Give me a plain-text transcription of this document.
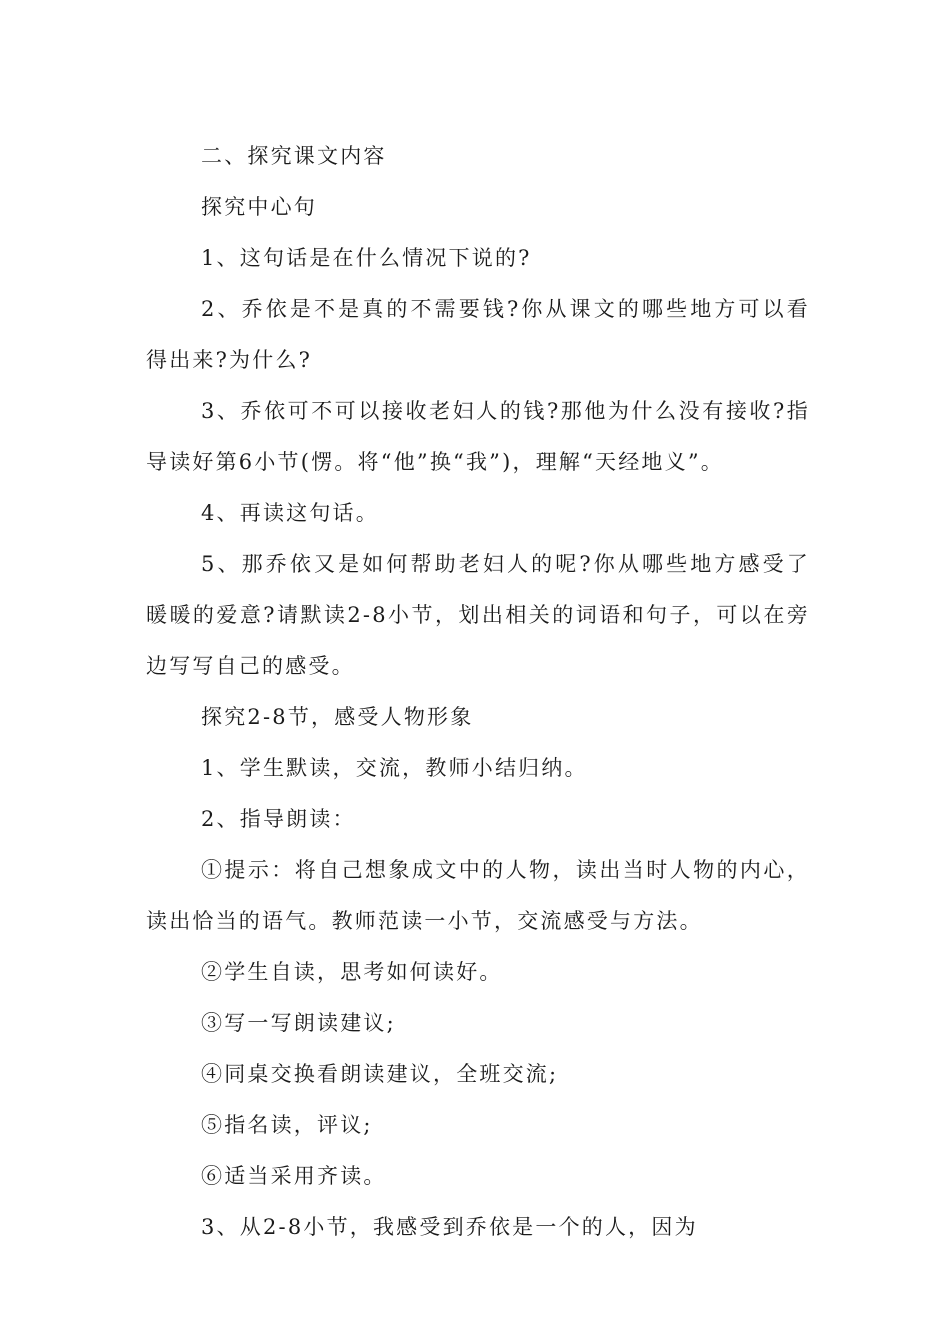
二、探究课文内容

探究中心句

1、这句话是在什么情况下说的?

2、乔依是不是真的不需要钱?你从课文的哪些地方可以看得出来?为什么?

3、乔依可不可以接收老妇人的钱?那他为什么没有接收?指导读好第6小节(愣。将“他”换“我”)，理解“天经地义”。

4、再读这句话。

5、那乔依又是如何帮助老妇人的呢?你从哪些地方感受了暖暖的爱意?请默读2-8小节，划出相关的词语和句子，可以在旁边写写自己的感受。

探究2-8节，感受人物形象

1、学生默读，交流，教师小结归纳。

2、指导朗读：

①提示：将自己想象成文中的人物，读出当时人物的内心，读出恰当的语气。教师范读一小节，交流感受与方法。

②学生自读，思考如何读好。

③写一写朗读建议;

④同桌交换看朗读建议，全班交流;

⑤指名读，评议;

⑥适当采用齐读。

3、从2-8小节，我感受到乔依是一个的人，因为
